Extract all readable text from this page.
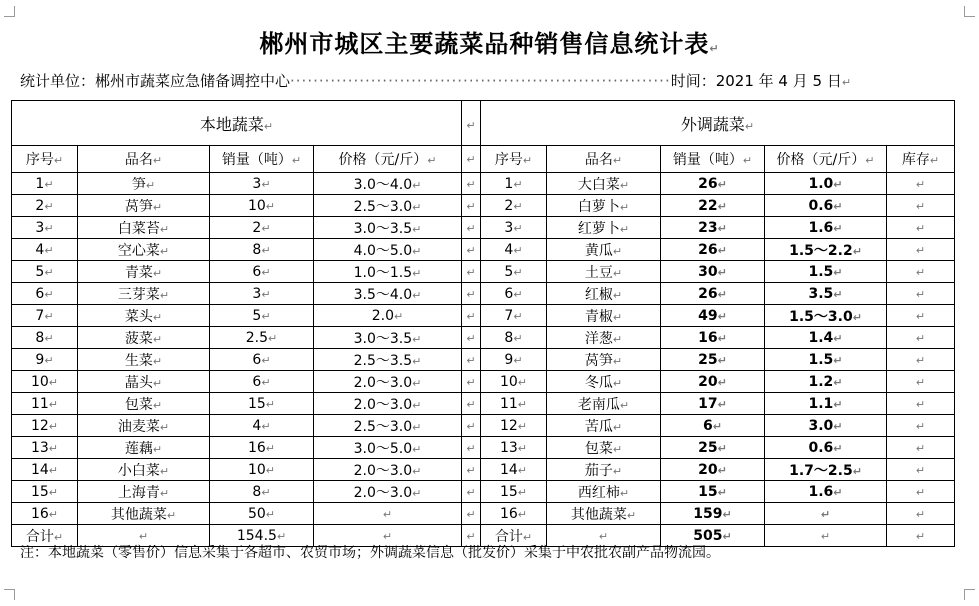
郴州市城区主要蔬菜品种销售信息统计表↵
统计单位：郴州市蔬菜应急储备调控中心··································································时间：2021 年 4 月 5 日↵
本地蔬菜↵				↵	外调蔬菜↵				
序号↵	品名↵	销量（吨）↵	价格（元/斤）↵	↵	序号↵	品名↵	销量（吨）↵	价格（元/斤）↵	库存↵
1↵	笋↵	3↵	3.0～4.0↵	↵	1↵	大白菜↵	26↵	1.0↵	↵
2↵	莴笋↵	10↵	2.5～3.0↵	↵	2↵	白萝卜↵	22↵	0.6↵	↵
3↵	白菜苔↵	2↵	3.0～3.5↵	↵	3↵	红萝卜↵	23↵	1.6↵	↵
4↵	空心菜↵	8↵	4.0～5.0↵	↵	4↵	黄瓜↵	26↵	1.5～2.2↵	↵
5↵	青菜↵	6↵	1.0～1.5↵	↵	5↵	土豆↵	30↵	1.5↵	↵
6↵	三芽菜↵	3↵	3.5～4.0↵	↵	6↵	红椒↵	26↵	3.5↵	↵
7↵	菜头↵	5↵	2.0↵	↵	7↵	青椒↵	49↵	1.5～3.0↵	↵
8↵	菠菜↵	2.5↵	3.0～3.5↵	↵	8↵	洋葱↵	16↵	1.4↵	↵
9↵	生菜↵	6↵	2.5～3.5↵	↵	9↵	莴笋↵	25↵	1.5↵	↵
10↵	蕌头↵	6↵	2.0～3.0↵	↵	10↵	冬瓜↵	20↵	1.2↵	↵
11↵	包菜↵	15↵	2.0～3.0↵	↵	11↵	老南瓜↵	17↵	1.1↵	↵
12↵	油麦菜↵	4↵	2.5～3.0↵	↵	12↵	苦瓜↵	6↵	3.0↵	↵
13↵	莲藕↵	16↵	3.0～5.0↵	↵	13↵	包菜↵	25↵	0.6↵	↵
14↵	小白菜↵	10↵	2.0～3.0↵	↵	14↵	茄子↵	20↵	1.7～2.5↵	↵
15↵	上海青↵	8↵	2.0～3.0↵	↵	15↵	西红柿↵	15↵	1.6↵	↵
16↵	其他蔬菜↵	50↵	↵	↵	16↵	其他蔬菜↵	159↵	↵	↵
合计↵	↵	154.5↵	↵	↵	合计↵	↵	505↵	↵	↵
注：本地蔬菜（零售价）信息采集于各超市、农贸市场；外调蔬菜信息（批发价）采集于中农批农副产品物流园。
